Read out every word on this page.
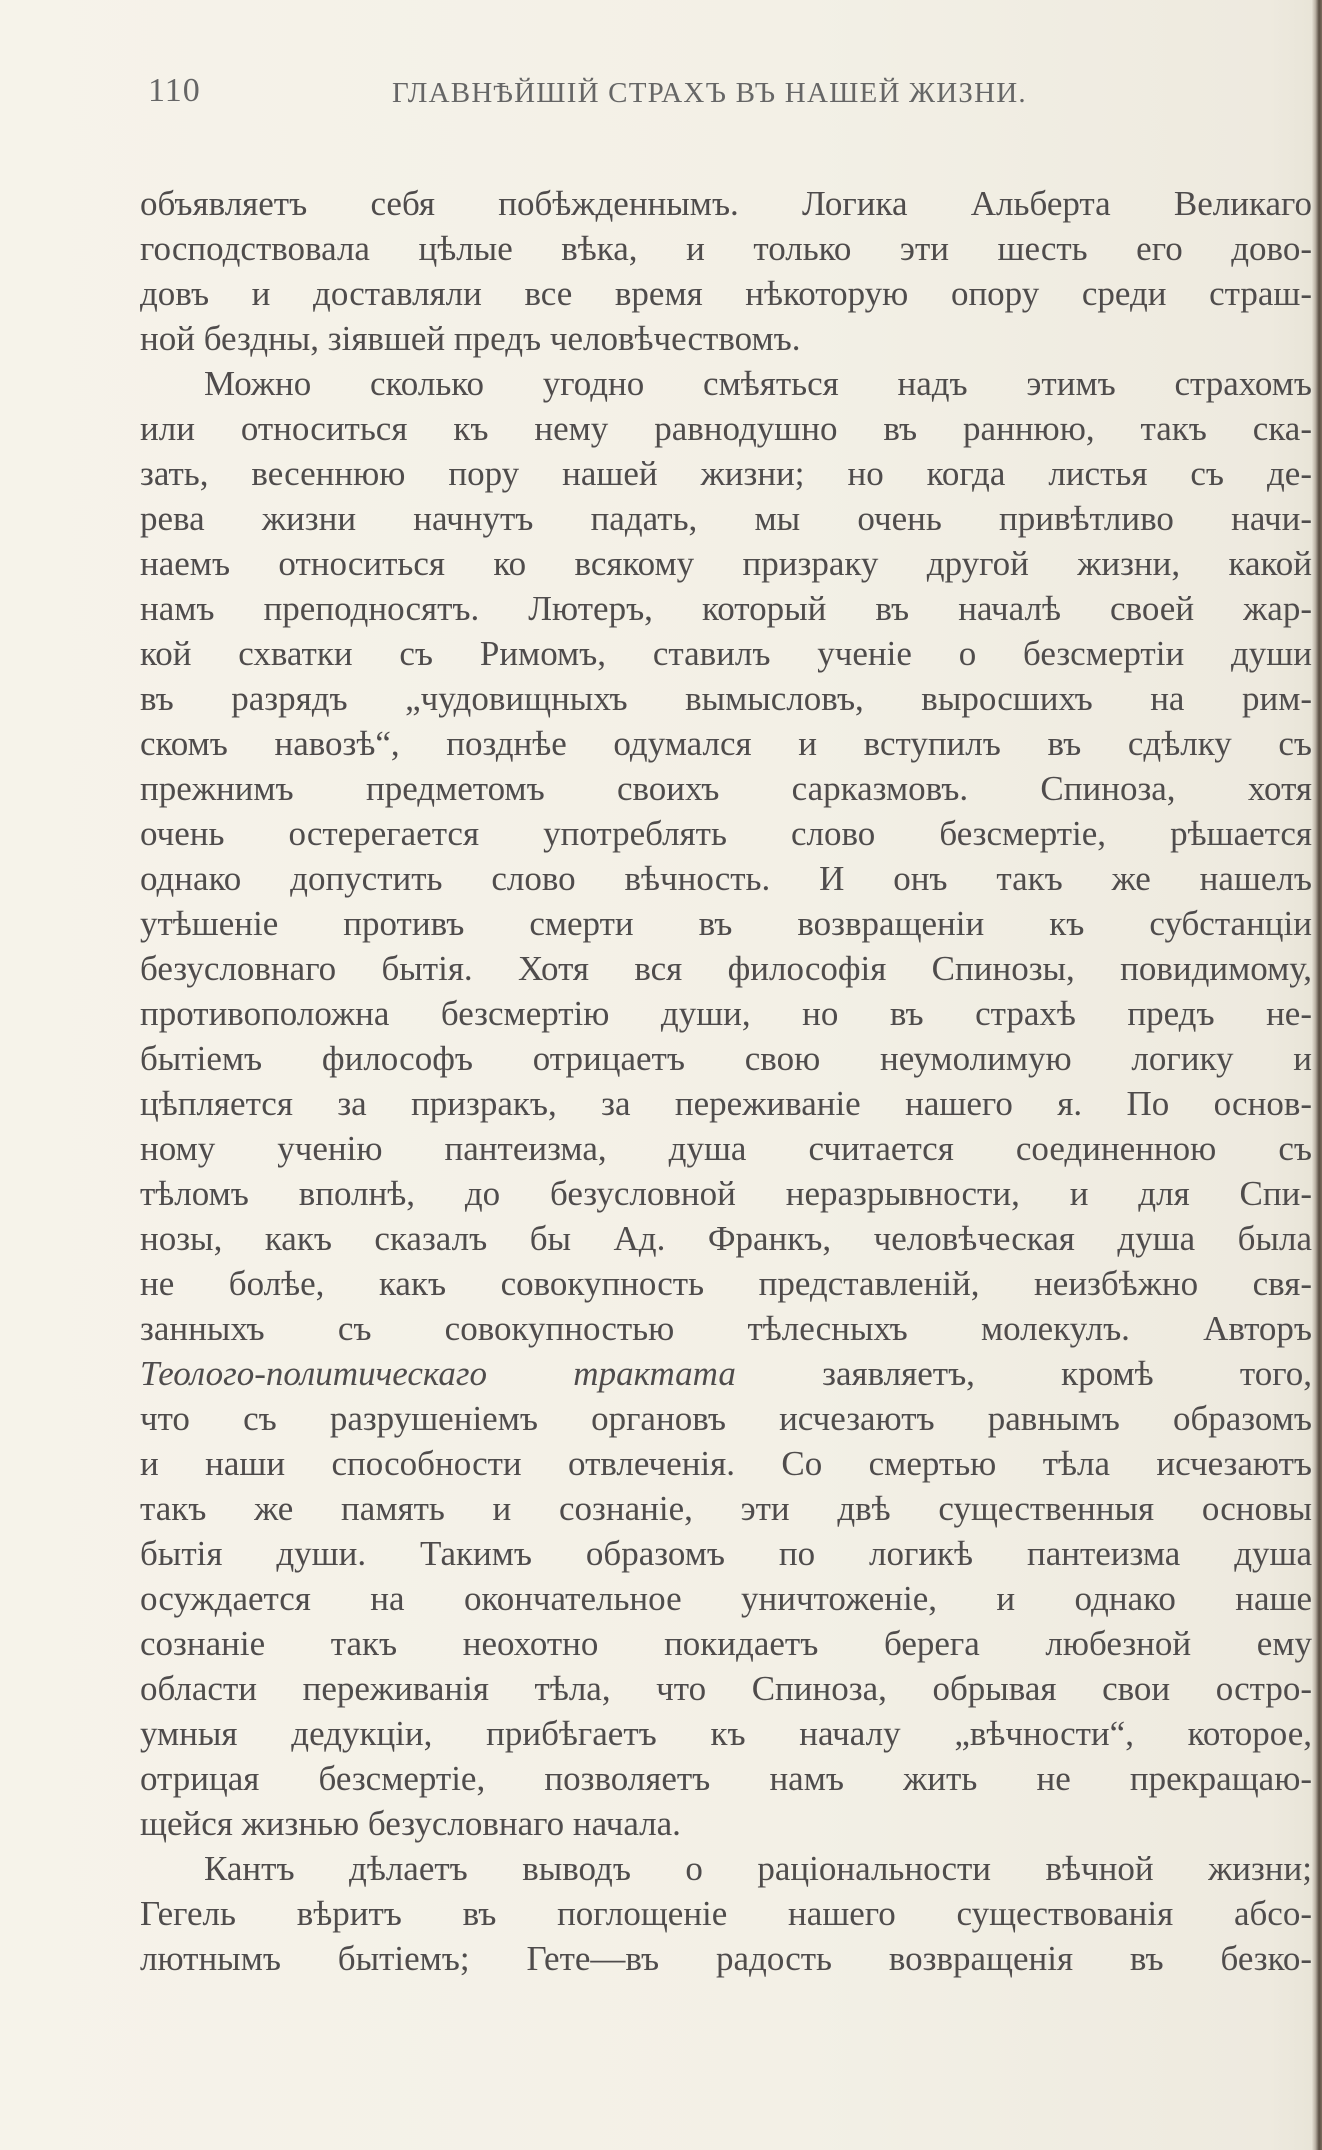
110	ГЛАВНѢЙШІЙ СТРАХЪ ВЪ НАШЕЙ ЖИЗНИ.
объявляетъ себя побѣжденнымъ. Логика Альберта Великаго
господствовала цѣлые вѣка, и только эти шесть его дово-
довъ и доставляли все время нѣкоторую опору среди страш-
ной бездны, зіявшей предъ человѣчествомъ.
Можно сколько угодно смѣяться надъ этимъ страхомъ
или относиться къ нему равнодушно въ раннюю, такъ ска-
зать, весеннюю пору нашей жизни; но когда листья съ де-
рева жизни начнутъ падать, мы очень привѣтливо начи-
наемъ относиться ко всякому призраку другой жизни, какой
намъ преподносятъ. Лютеръ, который въ началѣ своей жар-
кой схватки съ Римомъ, ставилъ ученіе о безсмертіи души
въ разрядъ „чудовищныхъ вымысловъ, выросшихъ на рим-
скомъ навозѣ“, позднѣе одумался и вступилъ въ сдѣлку съ
прежнимъ предметомъ своихъ сарказмовъ. Спиноза, хотя
очень остерегается употреблять слово безсмертіе, рѣшается
однако допустить слово вѣчность. И онъ такъ же нашелъ
утѣшеніе противъ смерти въ возвращеніи къ субстанціи
безусловнаго бытія. Хотя вся философія Спинозы, повидимому,
противоположна безсмертію души, но въ страхѣ предъ не-
бытіемъ философъ отрицаетъ свою неумолимую логику и
цѣпляется за призракъ, за переживаніе нашего я. По основ-
ному ученію пантеизма, душа считается соединенною съ
тѣломъ вполнѣ, до безусловной неразрывности, и для Спи-
нозы, какъ сказалъ бы Ад. Франкъ, человѣческая душа была
не болѣе, какъ совокупность представленій, неизбѣжно свя-
занныхъ съ совокупностью тѣлесныхъ молекулъ. Авторъ
Теолого-политическаго трактата заявляетъ, кромѣ того,
что съ разрушеніемъ органовъ исчезаютъ равнымъ образомъ
и наши способности отвлеченія. Со смертью тѣла исчезаютъ
такъ же память и сознаніе, эти двѣ существенныя основы
бытія души. Такимъ образомъ по логикѣ пантеизма душа
осуждается на окончательное уничтоженіе, и однако наше
сознаніе такъ неохотно покидаетъ берега любезной ему
области переживанія тѣла, что Спиноза, обрывая свои остро-
умныя дедукціи, прибѣгаетъ къ началу „вѣчности“, которое,
отрицая безсмертіе, позволяетъ намъ жить не прекращаю-
щейся жизнью безусловнаго начала.
Кантъ дѣлаетъ выводъ о раціональности вѣчной жизни;
Гегель вѣритъ въ поглощеніе нашего существованія абсо-
лютнымъ бытіемъ; Гете—въ радость возвращенія въ безко-
